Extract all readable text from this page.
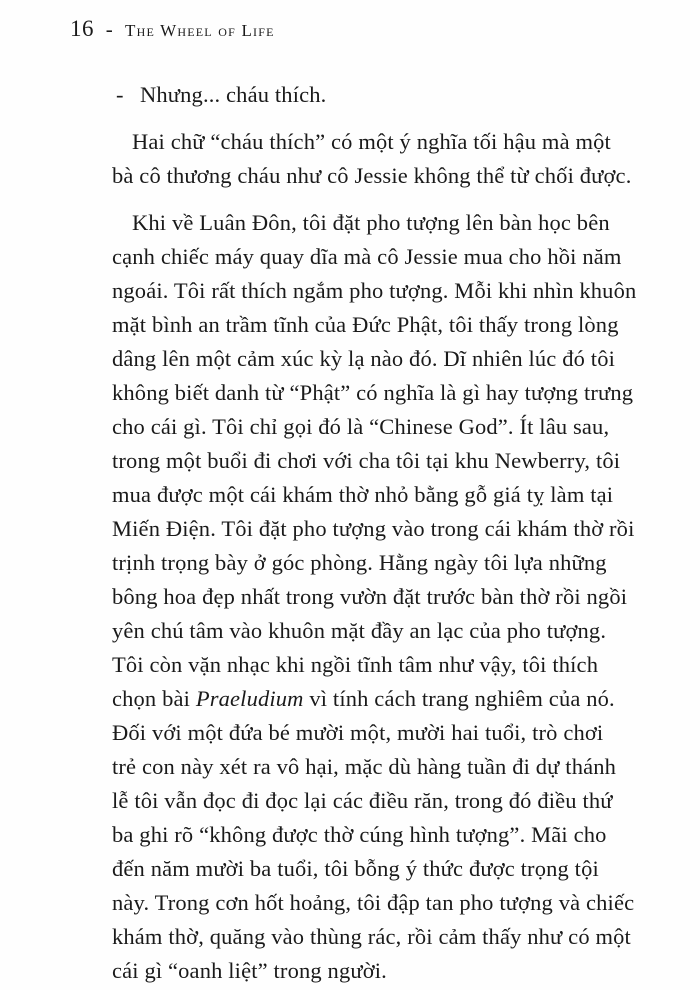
16 - The Wheel of Life
- Nhưng... cháu thích.
Hai chữ “cháu thích” có một ý nghĩa tối hậu mà một
bà cô thương cháu như cô Jessie không thể từ chối được.
Khi về Luân Đôn, tôi đặt pho tượng lên bàn học bên
cạnh chiếc máy quay dĩa mà cô Jessie mua cho hồi năm
ngoái. Tôi rất thích ngắm pho tượng. Mỗi khi nhìn khuôn
mặt bình an trầm tĩnh của Đức Phật, tôi thấy trong lòng
dâng lên một cảm xúc kỳ lạ nào đó. Dĩ nhiên lúc đó tôi
không biết danh từ “Phật” có nghĩa là gì hay tượng trưng
cho cái gì. Tôi chỉ gọi đó là “Chinese God”. Ít lâu sau,
trong một buổi đi chơi với cha tôi tại khu Newberry, tôi
mua được một cái khám thờ nhỏ bằng gỗ giá tỵ làm tại
Miến Điện. Tôi đặt pho tượng vào trong cái khám thờ rồi
trịnh trọng bày ở góc phòng. Hằng ngày tôi lựa những
bông hoa đẹp nhất trong vườn đặt trước bàn thờ rồi ngồi
yên chú tâm vào khuôn mặt đầy an lạc của pho tượng.
Tôi còn vặn nhạc khi ngồi tĩnh tâm như vậy, tôi thích
chọn bài Praeludium vì tính cách trang nghiêm của nó.
Đối với một đứa bé mười một, mười hai tuổi, trò chơi
trẻ con này xét ra vô hại, mặc dù hàng tuần đi dự thánh
lễ tôi vẫn đọc đi đọc lại các điều răn, trong đó điều thứ
ba ghi rõ “không được thờ cúng hình tượng”. Mãi cho
đến năm mười ba tuổi, tôi bỗng ý thức được trọng tội
này. Trong cơn hốt hoảng, tôi đập tan pho tượng và chiếc
khám thờ, quăng vào thùng rác, rồi cảm thấy như có một
cái gì “oanh liệt” trong người.
